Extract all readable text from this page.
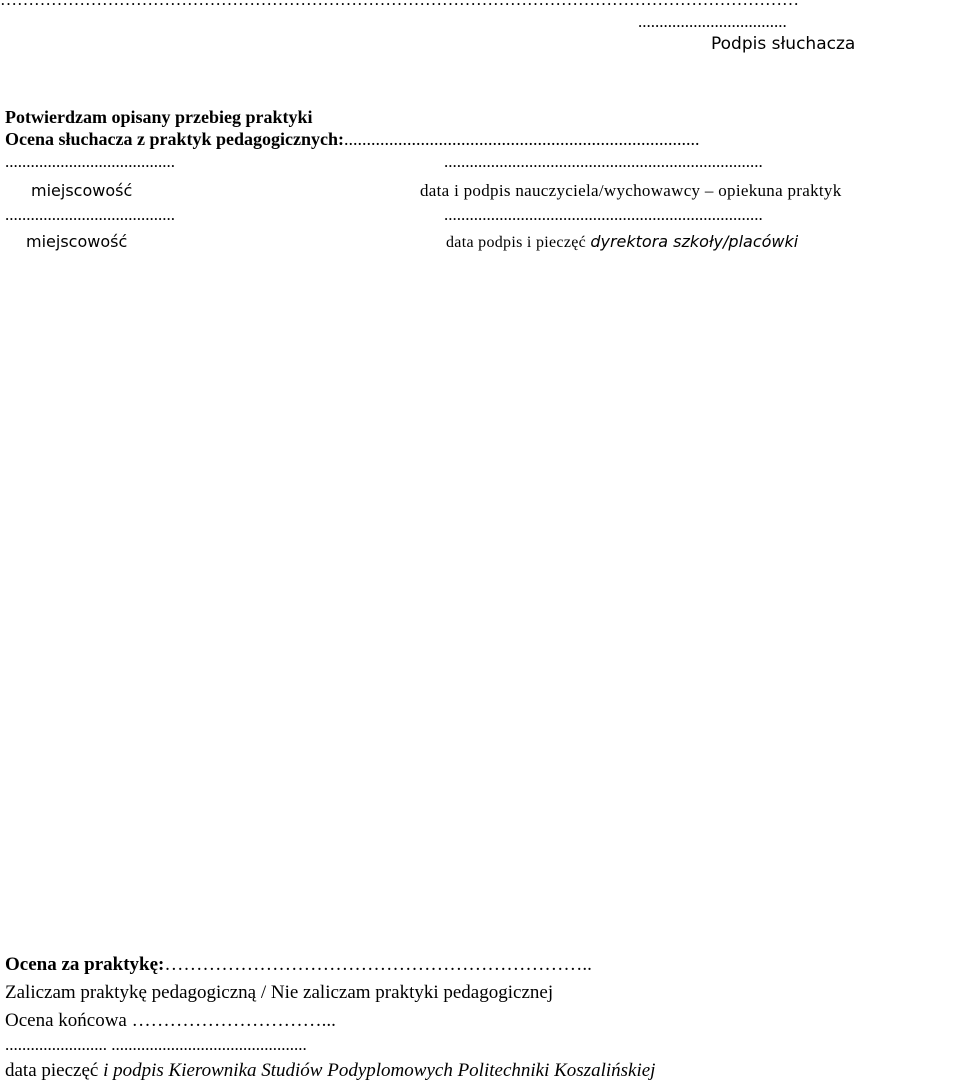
...................................
Podpis słuchacza
Potwierdzam opisany przebieg praktyki
Ocena słuchacza z praktyk pedagogicznych:...............................................................................
........................................	...........................................................................
miejscowość	data i podpis nauczyciela/wychowawcy – opiekuna praktyk
........................................	...........................................................................
miejscowość	data podpis i pieczęć dyrektora szkoły/placówki
Ocena za praktykę:…………………………………………………………..
Zaliczam praktykę pedagogiczną / Nie zaliczam praktyki pedagogicznej
Ocena końcowa …………………………...
........................ ..............................................
data pieczęć i podpis Kierownika Studiów Podyplomowych Politechniki Koszalińskiej
